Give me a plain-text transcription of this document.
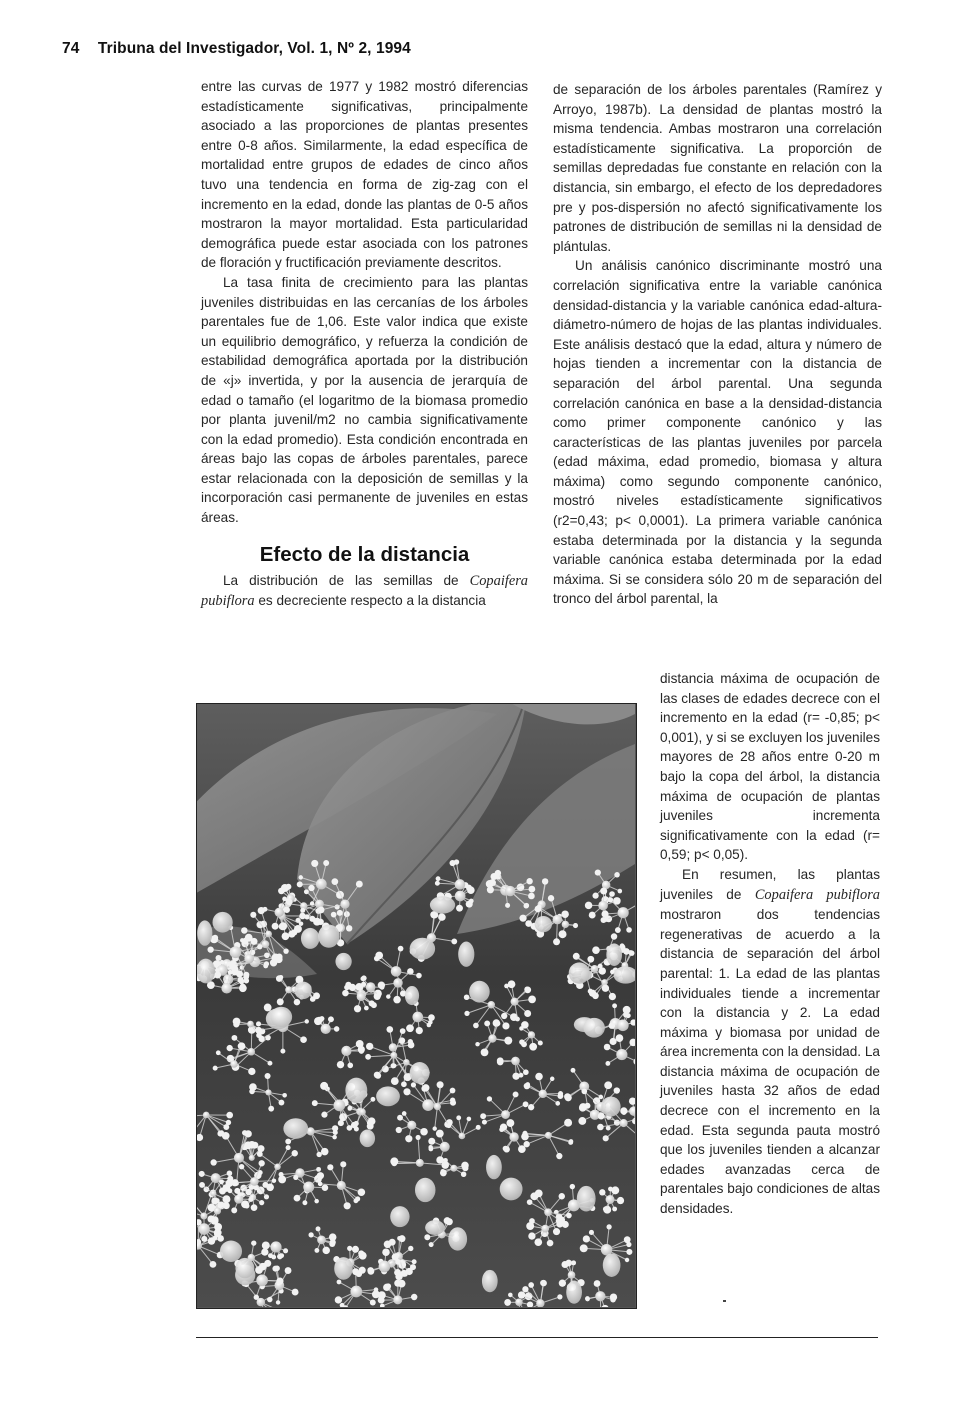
74 Tribuna del Investigador, Vol. 1, Nº 2, 1994

entre las curvas de 1977 y 1982 mostró diferencias estadísticamente significativas, principalmente asociado a las proporciones de plantas presentes entre 0-8 años. Similarmente, la edad específica de mortalidad entre grupos de edades de cinco años tuvo una tendencia en forma de zig-zag con el incremento en la edad, donde las plantas de 0-5 años mostraron la mayor mortalidad. Esta particularidad demográfica puede estar asociada con los patrones de floración y fructificación previamente descritos.

La tasa finita de crecimiento para las plantas juveniles distribuidas en las cercanías de los árboles parentales fue de 1,06. Este valor indica que existe un equilibrio demográfico, y refuerza la condición de estabilidad demográfica aportada por la distribución de «j» invertida, y por la ausencia de jerarquía de edad o tamaño (el logaritmo de la biomasa promedio por planta juvenil/m2 no cambia significativamente con la edad promedio). Esta condición encontrada en áreas bajo las copas de árboles parentales, parece estar relacionada con la deposición de semillas y la incorporación casi permanente de juveniles en estas áreas.

Efecto de la distancia

La distribución de las semillas de Copaifera pubiflora es decreciente respecto a la distancia

de separación de los árboles parentales (Ramírez y Arroyo, 1987b). La densidad de plantas mostró la misma tendencia. Ambas mostraron una correlación estadísticamente significativa. La proporción de semillas depredadas fue constante en relación con la distancia, sin embargo, el efecto de los depredadores pre y pos-dispersión no afectó significativamente los patrones de distribución de semillas ni la densidad de plántulas.

Un análisis canónico discriminante mostró una correlación significativa entre la variable canónica densidad-distancia y la variable canónica edad-altura-diámetro-número de hojas de las plantas individuales. Este análisis destacó que la edad, altura y número de hojas tienden a incrementar con la distancia de separación del árbol parental. Una segunda correlación canónica en base a la densidad-distancia como primer componente canónico y las características de las plantas juveniles por parcela (edad máxima, edad promedio, biomasa y altura máxima) como segundo componente canónico, mostró niveles estadísticamente significativos (r2=0,43; p< 0,0001). La primera variable canónica estaba determinada por la distancia y la segunda variable canónica estaba determinada por la edad máxima. Si se considera sólo 20 m de separación del tronco del árbol parental, la

distancia máxima de ocupación de las clases de edades decrece con el incremento en la edad (r= -0,85; p< 0,001), y si se excluyen los juveniles mayores de 28 años entre 0-20 m bajo la copa del árbol, la distancia máxima de ocupación de plantas juveniles incrementa significativamente con la edad (r= 0,59; p< 0,05).

En resumen, las plantas juveniles de Copaifera pubiflora mostraron dos tendencias regenerativas de acuerdo a la distancia de separación del árbol parental: 1. La edad de las plantas individuales tiende a incrementar con la distancia y 2. La edad máxima y biomasa por unidad de área incrementa con la densidad. La distancia máxima de ocupación de juveniles hasta 32 años de edad decrece con el incremento en la edad. Esta segunda pauta mostró que los juveniles tienden a alcanzar edades avanzadas cerca de parentales bajo condiciones de altas densidades.
